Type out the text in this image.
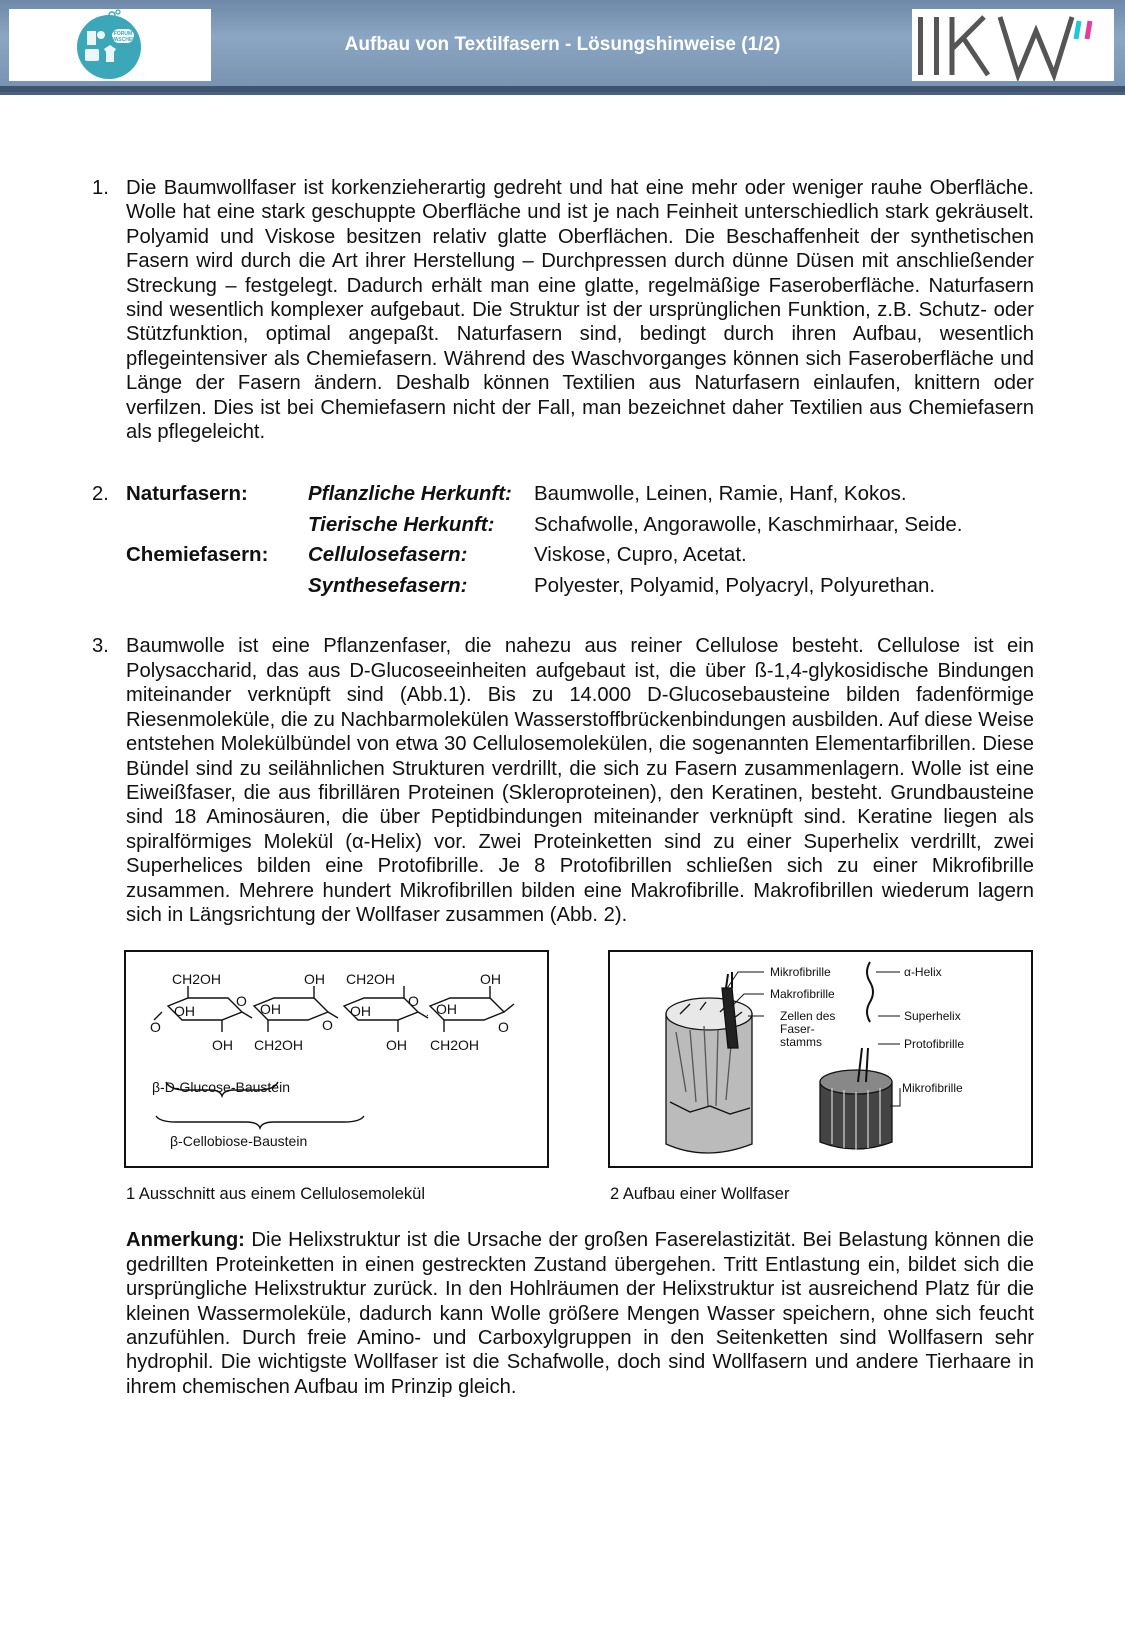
FORUM
WASCHEN	Aufbau von Textilfasern - Lösungshinweise (1/2)
1. Die Baumwollfaser ist korkenzieherartig gedreht und hat eine mehr oder weniger rauhe Oberfläche. Wolle hat eine stark geschuppte Oberfläche und ist je nach Feinheit unterschiedlich stark gekräuselt. Polyamid und Viskose besitzen relativ glatte Oberflächen. Die Beschaffenheit der synthetischen Fasern wird durch die Art ihrer Herstellung – Durchpressen durch dünne Düsen mit anschließender Streckung – festgelegt. Dadurch erhält man eine glatte, regelmäßige Faseroberfläche. Naturfasern sind wesentlich komplexer aufgebaut. Die Struktur ist der ursprünglichen Funktion, z.B. Schutz- oder Stützfunktion, optimal angepaßt. Naturfasern sind, bedingt durch ihren Aufbau, wesentlich pflegeintensiver als Chemiefasern. Während des Waschvorganges können sich Faseroberfläche und Länge der Fasern ändern. Deshalb können Textilien aus Naturfasern einlaufen, knittern oder verfilzen. Dies ist bei Chemiefasern nicht der Fall, man bezeichnet daher Textilien aus Chemiefasern als pflegeleicht.

2. Naturfasern:	Pflanzliche Herkunft:	Baumwolle, Leinen, Ramie, Hanf, Kokos.
	Tierische Herkunft:	Schafwolle, Angorawolle, Kaschmirhaar, Seide.
Chemiefasern:	Cellulosefasern:	Viskose, Cupro, Acetat.
	Synthesefasern:	Polyester, Polyamid, Polyacryl, Polyurethan.
3. Baumwolle ist eine Pflanzenfaser, die nahezu aus reiner Cellulose besteht. Cellulose ist ein Polysaccharid, das aus D-Glucoseeinheiten aufgebaut ist, die über ß-1,4-glykosidische Bindungen miteinander verknüpft sind (Abb.1). Bis zu 14.000 D-Glucosebausteine bilden fadenförmige Riesenmoleküle, die zu Nachbarmolekülen Wasserstoffbrückenbindungen ausbilden. Auf diese Weise entstehen Molekülbündel von etwa 30 Cellulosemolekülen, die sogenannten Elementarfibrillen. Diese Bündel sind zu seilähnlichen Strukturen verdrillt, die sich zu Fasern zusammenlagern. Wolle ist eine Eiweißfaser, die aus fibrillären Proteinen (Skleroproteinen), den Keratinen, besteht. Grundbausteine sind 18 Aminosäuren, die über Peptidbindungen miteinander verknüpft sind. Keratine liegen als spiralförmiges Molekül (α-Helix) vor. Zwei Proteinketten sind zu einer Superhelix verdrillt, zwei Superhelices bilden eine Protofibrille. Je 8 Protofibrillen schließen sich zu einer Mikrofibrille zusammen. Mehrere hundert Mikrofibrillen bilden eine Makrofibrille. Makrofibrillen wiederum lagern sich in Längsrichtung der Wollfaser zusammen (Abb. 2).

.
CH2OH	OH CH2OH	OH
OH	OH	OH	OH
O
O
O
O
O
OH CH2OH	OH CH2OH
β-D-Glucose-Baustein
β-Cellobiose-Baustein
Mikrofibrille
Makrofibrille
Zellen des
Faser-
stamms
α-Helix
Superhelix
Protofibrille
Mikrofibrille
1 Ausschnitt aus einem Cellulosemolekül	2 Aufbau einer Wollfaser
Anmerkung: Die Helixstruktur ist die Ursache der großen Faserelastizität. Bei Belastung können die gedrillten Proteinketten in einen gestreckten Zustand übergehen. Tritt Entlastung ein, bildet sich die ursprüngliche Helixstruktur zurück. In den Hohlräumen der Helixstruktur ist ausreichend Platz für die kleinen Wassermoleküle, dadurch kann Wolle größere Mengen Wasser speichern, ohne sich feucht anzufühlen. Durch freie Amino- und Carboxylgruppen in den Seitenketten sind Wollfasern sehr hydrophil. Die wichtigste Wollfaser ist die Schafwolle, doch sind Wollfasern und andere Tierhaare in ihrem chemischen Aufbau im Prinzip gleich.
